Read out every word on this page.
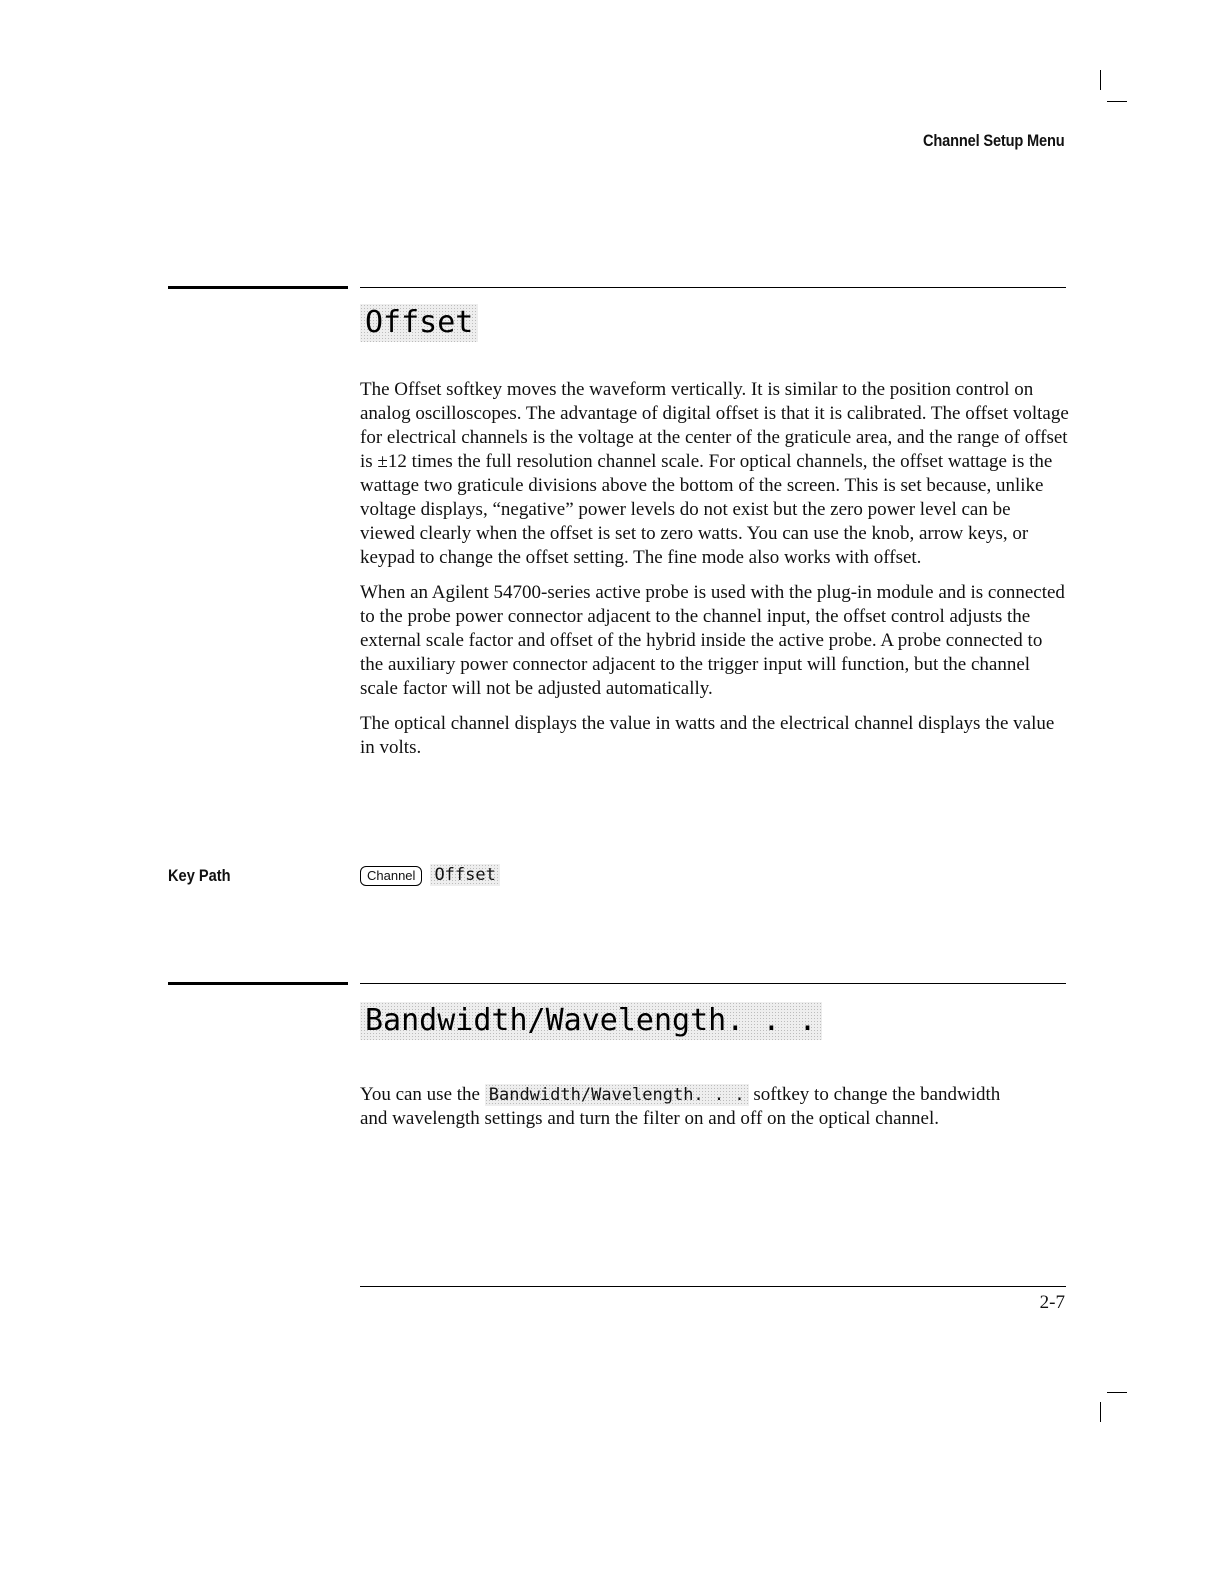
Channel Setup Menu
Offset

The Offset softkey moves the waveform vertically. It is similar to the position control on analog oscilloscopes. The advantage of digital offset is that it is calibrated. The offset voltage for electrical channels is the voltage at the center of the graticule area, and the range of offset is ±12 times the full resolution channel scale. For optical channels, the offset wattage is the wattage two graticule divisions above the bottom of the screen. This is set because, unlike voltage displays, “negative” power levels do not exist but the zero power level can be viewed clearly when the offset is set to zero watts. You can use the knob, arrow keys, or keypad to change the offset setting. The fine mode also works with offset.

When an Agilent 54700-series active probe is used with the plug-in module and is connected to the probe power connector adjacent to the channel input, the offset control adjusts the external scale factor and offset of the hybrid inside the active probe. A probe connected to the auxiliary power connector adjacent to the trigger input will function, but the channel scale factor will not be adjusted automatically.

The optical channel displays the value in watts and the electrical channel displays the value in volts.

Key Path	Channel Offset
Bandwidth/Wavelength. . .

You can use the Bandwidth/Wavelength. . . softkey to change the bandwidth and wavelength settings and turn the filter on and off on the optical channel.

2-7
